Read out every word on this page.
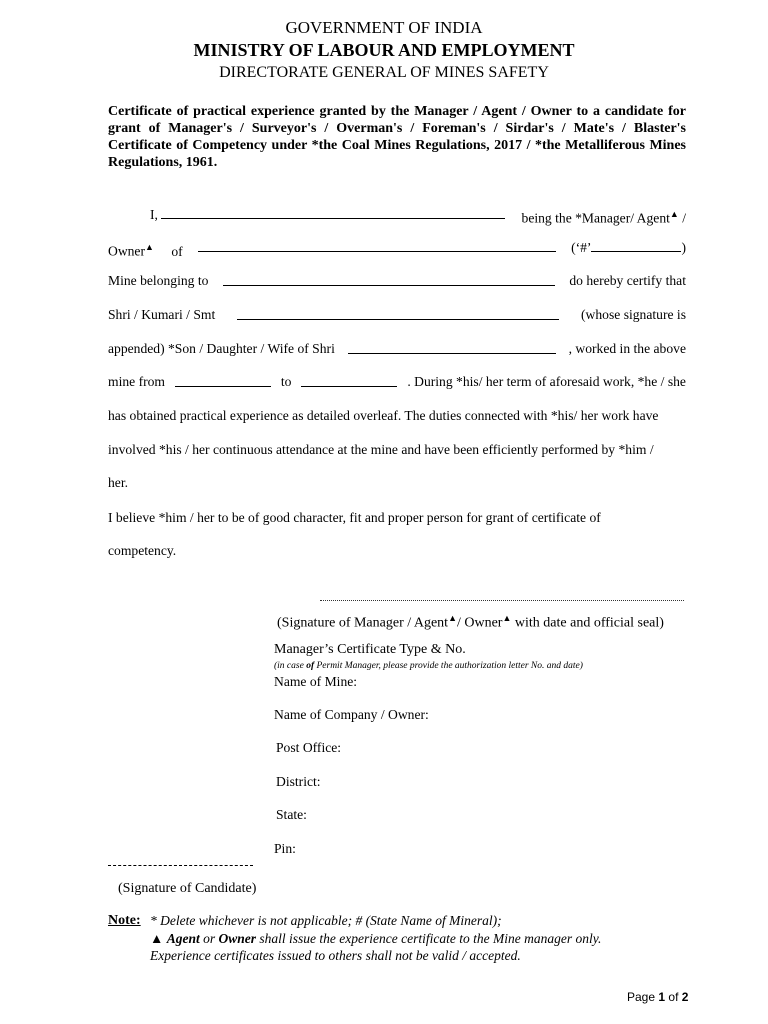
GOVERNMENT OF INDIA
MINISTRY OF LABOUR AND EMPLOYMENT
DIRECTORATE GENERAL OF MINES SAFETY

Certificate of practical experience granted by the Manager / Agent / Owner to a candidate for grant of Manager's / Surveyor's / Overman's / Foreman's / Sirdar's / Mate's / Blaster's Certificate of Competency under *the Coal Mines Regulations, 2017 / *the Metalliferous Mines Regulations, 1961.

I,	being the *Manager/ Agent▲ /
Owner▲ of	(‘#’	)
Mine belonging to	do hereby certify that
Shri / Kumari / Smt	(whose signature is
appended) *Son / Daughter / Wife of Shri	, worked in the above
mine from	to	. During *his/ her term of aforesaid work, *he / she
has obtained practical experience as detailed overleaf. The duties connected with *his/ her work have
involved *his / her continuous attendance at the mine and have been efficiently performed by *him /
her.
I believe *him / her to be of good character, fit and proper person for grant of certificate of
competency.
(Signature of Manager / Agent▲/ Owner▲ with date and official seal)
Manager’s Certificate Type & No.
(in case of Permit Manager, please provide the authorization letter No. and date)
Name of Mine:
Name of Company / Owner:
Post Office:
District:
State:
Pin:
(Signature of Candidate)
Note: * Delete whichever is not applicable; # (State Name of Mineral);
▲ Agent or Owner shall issue the experience certificate to the Mine manager only.
Experience certificates issued to others shall not be valid / accepted.
Page 1 of 2
